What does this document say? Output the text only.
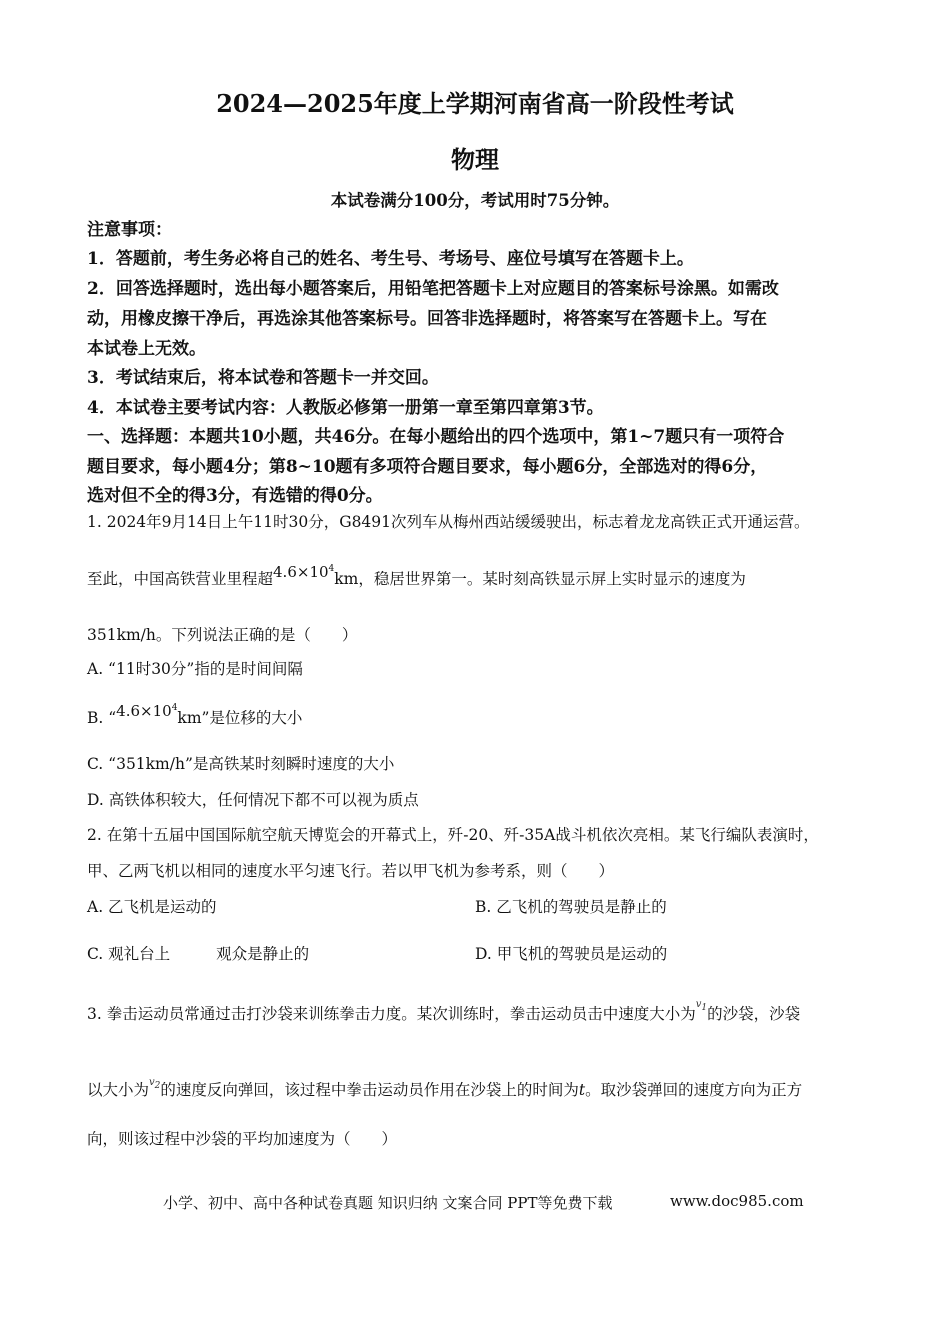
2024—2025年度上学期河南省高一阶段性考试
物理
本试卷满分100分，考试用时75分钟。
注意事项：
1．答题前，考生务必将自己的姓名、考生号、考场号、座位号填写在答题卡上。
2．回答选择题时，选出每小题答案后，用铅笔把答题卡上对应题目的答案标号涂黑。如需改
动，用橡皮擦干净后，再选涂其他答案标号。回答非选择题时，将答案写在答题卡上。写在
本试卷上无效。
3．考试结束后，将本试卷和答题卡一并交回。
4．本试卷主要考试内容：人教版必修第一册第一章至第四章第3节。
一、选择题：本题共10小题，共46分。在每小题给出的四个选项中，第1~7题只有一项符合
题目要求，每小题4分；第8~10题有多项符合题目要求，每小题6分，全部选对的得6分，
选对但不全的得3分，有选错的得0分。
1. 2024年9月14日上午11时30分，G8491次列车从梅州西站缓缓驶出，标志着龙龙高铁正式开通运营。
至此，中国高铁营业里程超$4.6\times 10^4km$，稳居世界第一。某时刻高铁显示屏上实时显示的速度为
351km/h。下列说法正确的是（　　）
A. “11时30分”指的是时间间隔
B. “$4.6\times 10^4km$”是位移的大小
C. “351km/h”是高铁某时刻瞬时速度的大小
D. 高铁体积较大，任何情况下都不可以视为质点
2. 在第十五届中国国际航空航天博览会的开幕式上，歼-20、歼-35A战斗机依次亮相。某飞行编队表演时，
甲、乙两飞机以相同的速度水平匀速飞行。若以甲飞机为参考系，则（　　）
A. 乙飞机是运动的	B. 乙飞机的驾驶员是静止的
C. 观礼台上	观众是静止的	D. 甲飞机的驾驶员是运动的
3. 拳击运动员常通过击打沙袋来训练拳击力度。某次训练时，拳击运动员击中速度大小为$^{v_1}$的沙袋，沙袋
以大小为$^{v_2}$的速度反向弹回，该过程中拳击运动员作用在沙袋上的时间为t。取沙袋弹回的速度方向为正方
向，则该过程中沙袋的平均加速度为（　　）
小学、初中、高中各种试卷真题 知识归纳 文案合同 PPT等免费下载	www.doc985.com
